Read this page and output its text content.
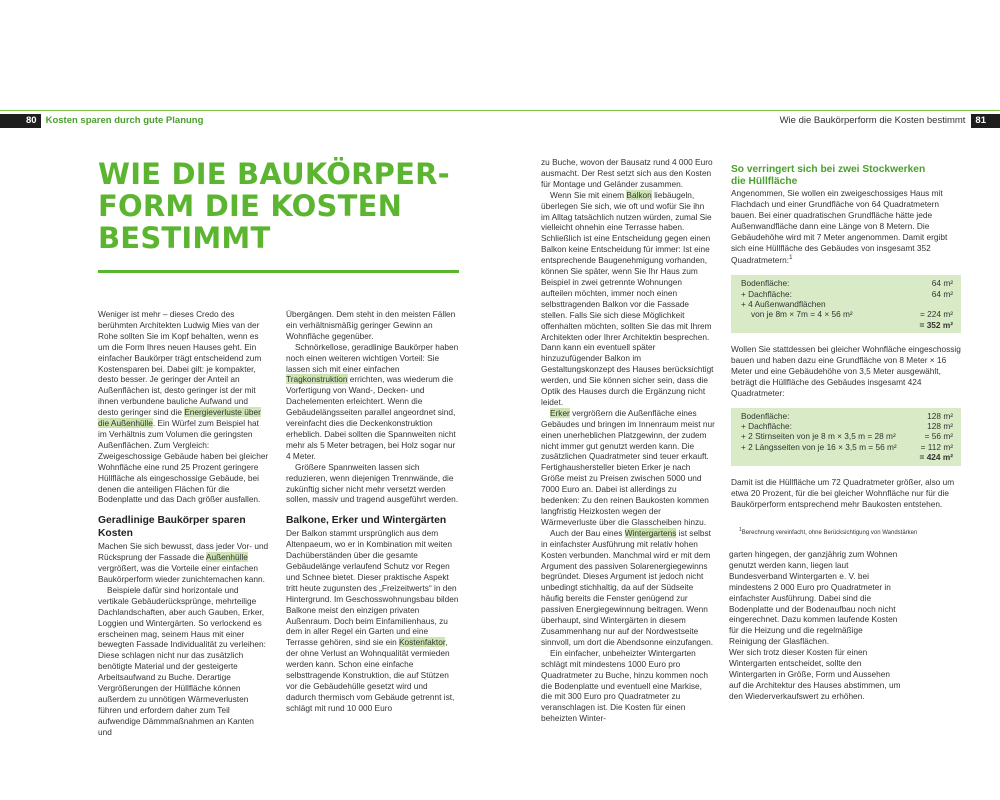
80 Kosten sparen durch gute Planung	Wie die Baukörperform die Kosten bestimmt	81
WIE DIE BAUKÖRPER-
FORM DIE KOSTEN
BESTIMMT

Weniger ist mehr – dieses Credo des berühmten Architekten Ludwig Mies van der Rohe sollten Sie im Kopf behalten, wenn es um die Form Ihres neuen Hauses geht. Ein einfacher Baukörper trägt entscheidend zum Kostensparen bei. Dabei gilt: je kompakter, desto besser. Je geringer der Anteil an Außenflächen ist, desto geringer ist der mit ihnen verbundene bauliche Aufwand und desto geringer sind die Energieverluste über die Außenhülle. Ein Würfel zum Beispiel hat im Verhältnis zum Volumen die geringsten Außenflächen. Zum Vergleich: Zweigeschossige Gebäude haben bei gleicher Wohnfläche eine rund 25 Prozent geringere Hüllfläche als eingeschossige Gebäude, bei denen die anteiligen Flächen für die Bodenplatte und das Dach größer ausfallen.

Geradlinige Baukörper sparen Kosten

Machen Sie sich bewusst, dass jeder Vor- und Rücksprung der Fassade die Außenhülle vergrößert, was die Vorteile einer einfachen Baukörperform wieder zunichtemachen kann.

Beispiele dafür sind horizontale und vertikale Gebäuderücksprünge, mehrteilige Dachlandschaften, aber auch Gauben, Erker, Loggien und Wintergärten. So verlockend es erscheinen mag, seinem Haus mit einer bewegten Fassade Individualität zu verleihen: Diese schlagen nicht nur das zusätzlich benötigte Material und der gesteigerte Arbeitsaufwand zu Buche. Derartige Vergrößerungen der Hüllfläche können außerdem zu unnötigen Wärmeverlusten führen und erfordern daher zum Teil aufwendige Dämmmaßnahmen an Kanten und

Übergängen. Dem steht in den meisten Fällen ein verhältnismäßig geringer Gewinn an Wohnfläche gegenüber.

Schnörkellose, geradlinige Baukörper haben noch einen weiteren wichtigen Vorteil: Sie lassen sich mit einer einfachen Tragkonstruktion errichten, was wiederum die Vorfertigung von Wand-, Decken- und Dachelementen erleichtert. Wenn die Gebäudelängsseiten parallel angeordnet sind, vereinfacht dies die Deckenkonstruktion erheblich. Dabei sollten die Spannweiten nicht mehr als 5 Meter betragen, bei Holz sogar nur 4 Meter.

Größere Spannweiten lassen sich reduzieren, wenn diejenigen Trennwände, die zukünftig sicher nicht mehr versetzt werden sollen, massiv und tragend ausgeführt werden.

Balkone, Erker und Wintergärten

Der Balkon stammt ursprünglich aus dem Altenpaeum, wo er in Kombination mit weiten Dachüberständen über die gesamte Gebäudelänge verlaufend Schutz vor Regen und Schnee bietet. Dieser praktische Aspekt tritt heute zugunsten des „Freizeitwerts“ in den Hintergrund. Im Geschosswohnungsbau bilden Balkone meist den einzigen privaten Außenraum. Doch beim Einfamilienhaus, zu dem in aller Regel ein Garten und eine Terrasse gehören, sind sie ein Kostenfaktor, der ohne Verlust an Wohnqualität vermieden werden kann. Schon eine einfache selbsttragende Konstruktion, die auf Stützen vor die Gebäudehülle gesetzt wird und dadurch thermisch vom Gebäude getrennt ist, schlägt mit rund 10 000 Euro

zu Buche, wovon der Bausatz rund 4 000 Euro ausmacht. Der Rest setzt sich aus den Kosten für Montage und Geländer zusammen.

Wenn Sie mit einem Balkon liebäugeln, überlegen Sie sich, wie oft und wofür Sie ihn im Alltag tatsächlich nutzen würden, zumal Sie vielleicht ohnehin eine Terrasse haben. Schließlich ist eine Entscheidung gegen einen Balkon keine Entscheidung für immer: Ist eine entsprechende Baugenehmigung vorhanden, können Sie später, wenn Sie Ihr Haus zum Beispiel in zwei getrennte Wohnungen aufteilen möchten, immer noch einen selbsttragenden Balkon vor die Fassade stellen. Falls Sie sich diese Möglichkeit offenhalten möchten, sollten Sie das mit Ihrem Architekten oder Ihrer Architektin besprechen. Dann kann ein eventuell später hinzuzufügender Balkon im Gestaltungskonzept des Hauses berücksichtigt werden, und Sie können sicher sein, dass die Optik des Hauses durch die Ergänzung nicht leidet.

Erker vergrößern die Außenfläche eines Gebäudes und bringen im Innenraum meist nur einen unerheblichen Platzgewinn, der zudem nicht immer gut genutzt werden kann. Die zusätzlichen Quadratmeter sind teuer erkauft. Fertighaushersteller bieten Erker je nach Größe meist zu Preisen zwischen 5000 und 7000 Euro an. Dabei ist allerdings zu bedenken: Zu den reinen Baukosten kommen langfristig Heizkosten wegen der Wärmeverluste über die Glasscheiben hinzu.

Auch der Bau eines Wintergartens ist selbst in einfachster Ausführung mit relativ hohen Kosten verbunden. Manchmal wird er mit dem Argument des passiven Solarenergiegewinns begründet. Dieses Argument ist jedoch nicht unbedingt stichhaltig, da auf der Südseite häufig bereits die Fenster genügend zur passiven Energiegewinnung beitragen. Wenn überhaupt, sind Wintergärten in diesem Zusammenhang nur auf der Nordwestseite sinnvoll, um dort die Abendsonne einzufangen.

Ein einfacher, unbeheizter Wintergarten schlägt mit mindestens 1000 Euro pro Quadratmeter zu Buche, hinzu kommen noch die Bodenplatte und eventuell eine Markise, die mit 300 Euro pro Quadratmeter zu veranschlagen ist. Die Kosten für einen beheizten Winter-

So verringert sich bei zwei Stockwerken
die Hüllfläche

Angenommen, Sie wollen ein zweigeschossiges Haus mit Flachdach und einer Grundfläche von 64 Quadratmetern bauen. Bei einer quadratischen Grundfläche hätte jede Außenwandfläche dann eine Länge von 8 Metern. Die Gebäudehöhe wird mit 7 Meter angenommen. Damit ergibt sich eine Hüllfläche des Gebäudes von insgesamt 352 Quadratmetern:$^1$

Bodenfläche:	64 m²
+ Dachfläche:	64 m²
+ 4 Außenwandflächen
von je 8m × 7m = 4 × 56 m²	= 224 m²
= 352 m²

Wollen Sie stattdessen bei gleicher Wohnfläche eingeschossig bauen und haben dazu eine Grundfläche von 8 Meter × 16 Meter und eine Gebäudehöhe von 3,5 Meter ausgewählt, beträgt die Hüllfläche des Gebäudes insgesamt 424 Quadratmeter:

Bodenfläche:	128 m²
+ Dachfläche:	128 m²
+ 2 Stirnseiten von je 8 m × 3,5 m = 28 m²	= 56 m²
+ 2 Längsseiten von je 16 × 3,5 m = 56 m²	= 112 m²
= 424 m²

Damit ist die Hüllfläche um 72 Quadratmeter größer, also um etwa 20 Prozent, für die bei gleicher Wohnfläche nur für die Baukörperform entsprechend mehr Baukosten entstehen.

$^1$Berechnung vereinfacht, ohne Berücksichtigung von Wandstärken

garten hingegen, der ganzjährig zum Wohnen genutzt werden kann, liegen laut Bundesverband Wintergarten e. V. bei mindestens 2 000 Euro pro Quadratmeter in einfachster Ausführung. Dabei sind die Bodenplatte und der Bodenaufbau noch nicht eingerechnet. Dazu kommen laufende Kosten für die Heizung und die regelmäßige Reinigung der Glasflächen.

Wer sich trotz dieser Kosten für einen Wintergarten entscheidet, sollte den Wintergarten in Größe, Form und Aussehen auf die Architektur des Hauses abstimmen, um den Wiederverkaufswert zu erhöhen.
